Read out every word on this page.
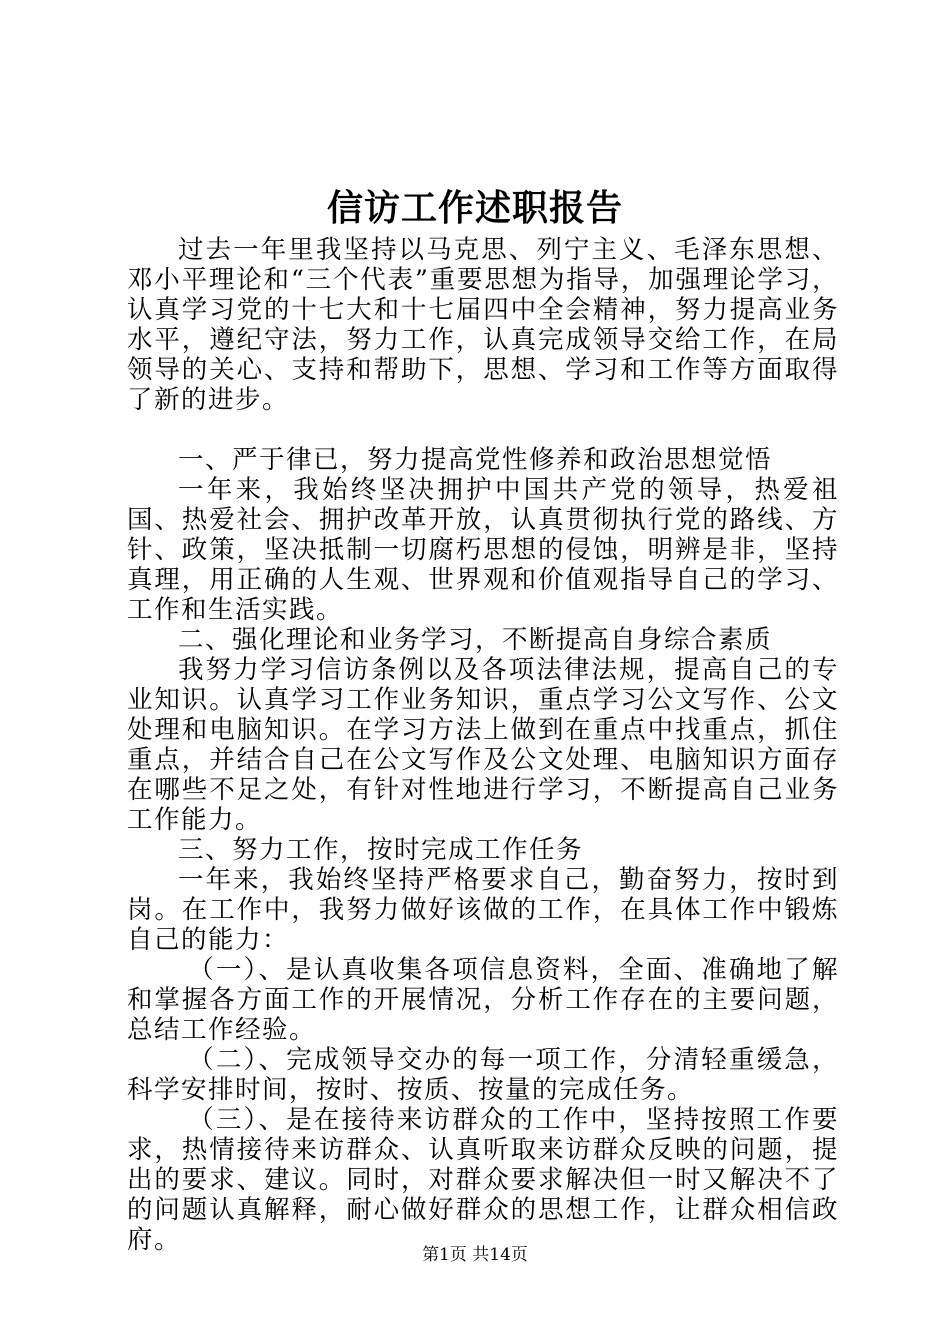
信访工作述职报告

过去一年里我坚持以马克思、列宁主义、毛泽东思想、邓小平理论和“三个代表”重要思想为指导，加强理论学习，认真学习党的十七大和十七届四中全会精神，努力提高业务水平，遵纪守法，努力工作，认真完成领导交给工作，在局领导的关心、支持和帮助下，思想、学习和工作等方面取得了新的进步。

一、严于律已，努力提高党性修养和政治思想觉悟

一年来，我始终坚决拥护中国共产党的领导，热爱祖国、热爱社会、拥护改革开放，认真贯彻执行党的路线、方针、政策，坚决抵制一切腐朽思想的侵蚀，明辨是非，坚持真理，用正确的人生观、世界观和价值观指导自己的学习、工作和生活实践。

二、强化理论和业务学习，不断提高自身综合素质

我努力学习信访条例以及各项法律法规，提高自己的专业知识。认真学习工作业务知识，重点学习公文写作、公文处理和电脑知识。在学习方法上做到在重点中找重点，抓住重点，并结合自己在公文写作及公文处理、电脑知识方面存在哪些不足之处，有针对性地进行学习，不断提高自己业务工作能力。

三、努力工作，按时完成工作任务

一年来，我始终坚持严格要求自己，勤奋努力，按时到岗。在工作中，我努力做好该做的工作，在具体工作中锻炼自己的能力：

（一）、是认真收集各项信息资料，全面、准确地了解和掌握各方面工作的开展情况，分析工作存在的主要问题，总结工作经验。

（二）、完成领导交办的每一项工作，分清轻重缓急，科学安排时间，按时、按质、按量的完成任务。

（三）、是在接待来访群众的工作中，坚持按照工作要求，热情接待来访群众、认真听取来访群众反映的问题，提出的要求、建议。同时，对群众要求解决但一时又解决不了的问题认真解释，耐心做好群众的思想工作，让群众相信政府。	第1页 共14页
